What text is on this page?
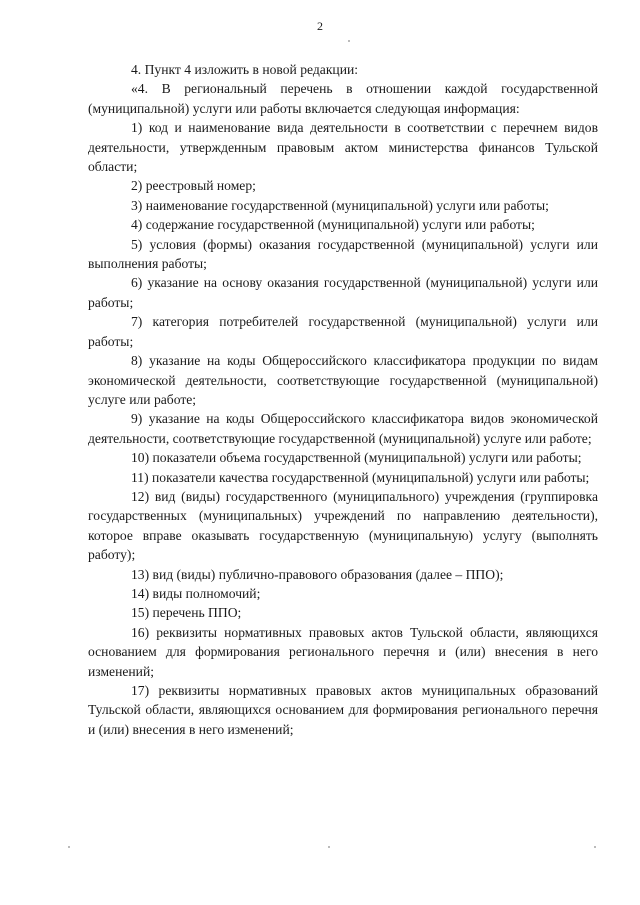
2

4. Пункт 4 изложить в новой редакции:

«4. В региональный перечень в отношении каждой государственной (муниципальной) услуги или работы включается следующая информация:

1) код и наименование вида деятельности в соответствии с перечнем видов деятельности, утвержденным правовым актом министерства финансов Тульской области;

2) реестровый номер;

3) наименование государственной (муниципальной) услуги или работы;

4) содержание государственной (муниципальной) услуги или работы;

5) условия (формы) оказания государственной (муниципальной) услуги или выполнения работы;

6) указание на основу оказания государственной (муниципальной) услуги или работы;

7) категория потребителей государственной (муниципальной) услуги или работы;

8) указание на коды Общероссийского классификатора продукции по видам экономической деятельности, соответствующие государственной (муниципальной) услуге или работе;

9) указание на коды Общероссийского классификатора видов экономической деятельности, соответствующие государственной (муниципальной) услуге или работе;

10) показатели объема государственной (муниципальной) услуги или работы;

11) показатели качества государственной (муниципальной) услуги или работы;

12) вид (виды) государственного (муниципального) учреждения (группировка государственных (муниципальных) учреждений по направлению деятельности), которое вправе оказывать государственную (муниципальную) услугу (выполнять работу);

13) вид (виды) публично-правового образования (далее – ППО);

14) виды полномочий;

15) перечень ППО;

16) реквизиты нормативных правовых актов Тульской области, являющихся основанием для формирования регионального перечня и (или) внесения в него изменений;

17) реквизиты нормативных правовых актов муниципальных образований Тульской области, являющихся основанием для формирования регионального перечня и (или) внесения в него изменений;
